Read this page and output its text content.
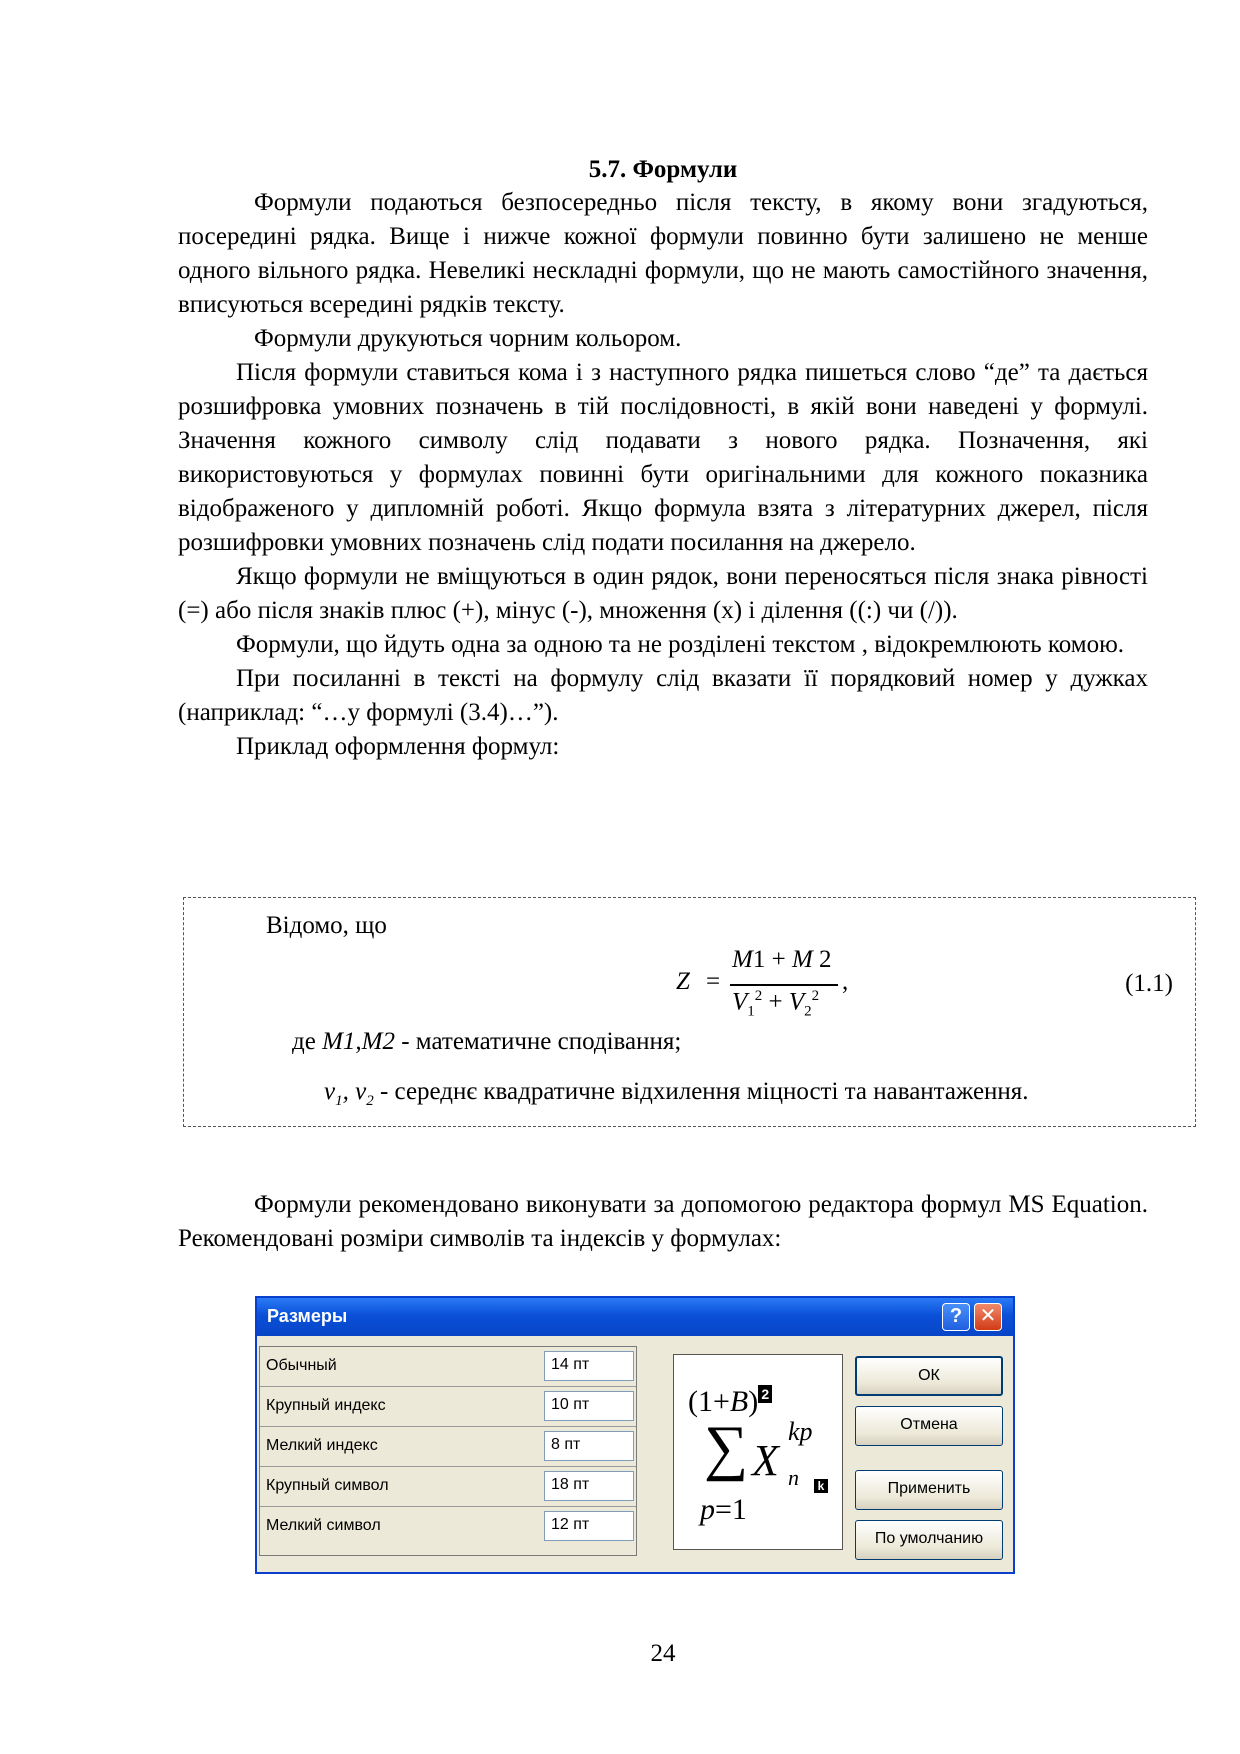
5.7. Формули

Формули подаються безпосередньо після тексту, в якому вони згадуються, посередині рядка. Вище і нижче кожної формули повинно бути залишено не менше одного вільного рядка. Невеликі нескладні формули, що не мають самостійного значення, вписуються всередині рядків тексту.

Формули друкуються чорним кольором.

Після формули ставиться кома і з наступного рядка пишеться слово “де” та дається розшифровка умовних позначень в тій послідовності, в якій вони наведені у формулі. Значення кожного символу слід подавати з нового рядка. Позначення, які використовуються у формулах повинні бути оригінальними для кожного показника відображеного у дипломній роботі. Якщо формула взята з літературних джерел, після розшифровки умовних позначень слід подати посилання на джерело.

Якщо формули не вміщуються в один рядок, вони переносяться після знака рівності (=) або після знаків плюс (+), мінус (-), множення (х) і ділення ((:) чи (/)).

Формули, що йдуть одна за одною та не розділені текстом , відокремлюють комою.

При посиланні в тексті на формулу слід вказати її порядковий номер у дужках (наприклад: “…у формулі (3.4)…”).

Приклад оформлення формул:

Відомо, що
Z =
M1 + M 2
$V_1^2 + V_2^2$
,	(1.1)
де M1,M2 - математичне сподівання;
$v_1$, $v_2$ - середнє квадратичне відхилення міцності та навантаження.

Формули рекомендовано виконувати за допомогою редактора формул MS Equation. Рекомендовані розміри символів та індексів у формулах:

Размеры	? ✕
Обычный	14 пт
Крупный индекс	10 пт
Мелкий индекс	8 пт
Крупный символ	18 пт
Мелкий символ	12 пт
(1+B) 2
∑ X
kp
n	k
p=1
ОК
Отмена
Применить
По умолчанию
24
